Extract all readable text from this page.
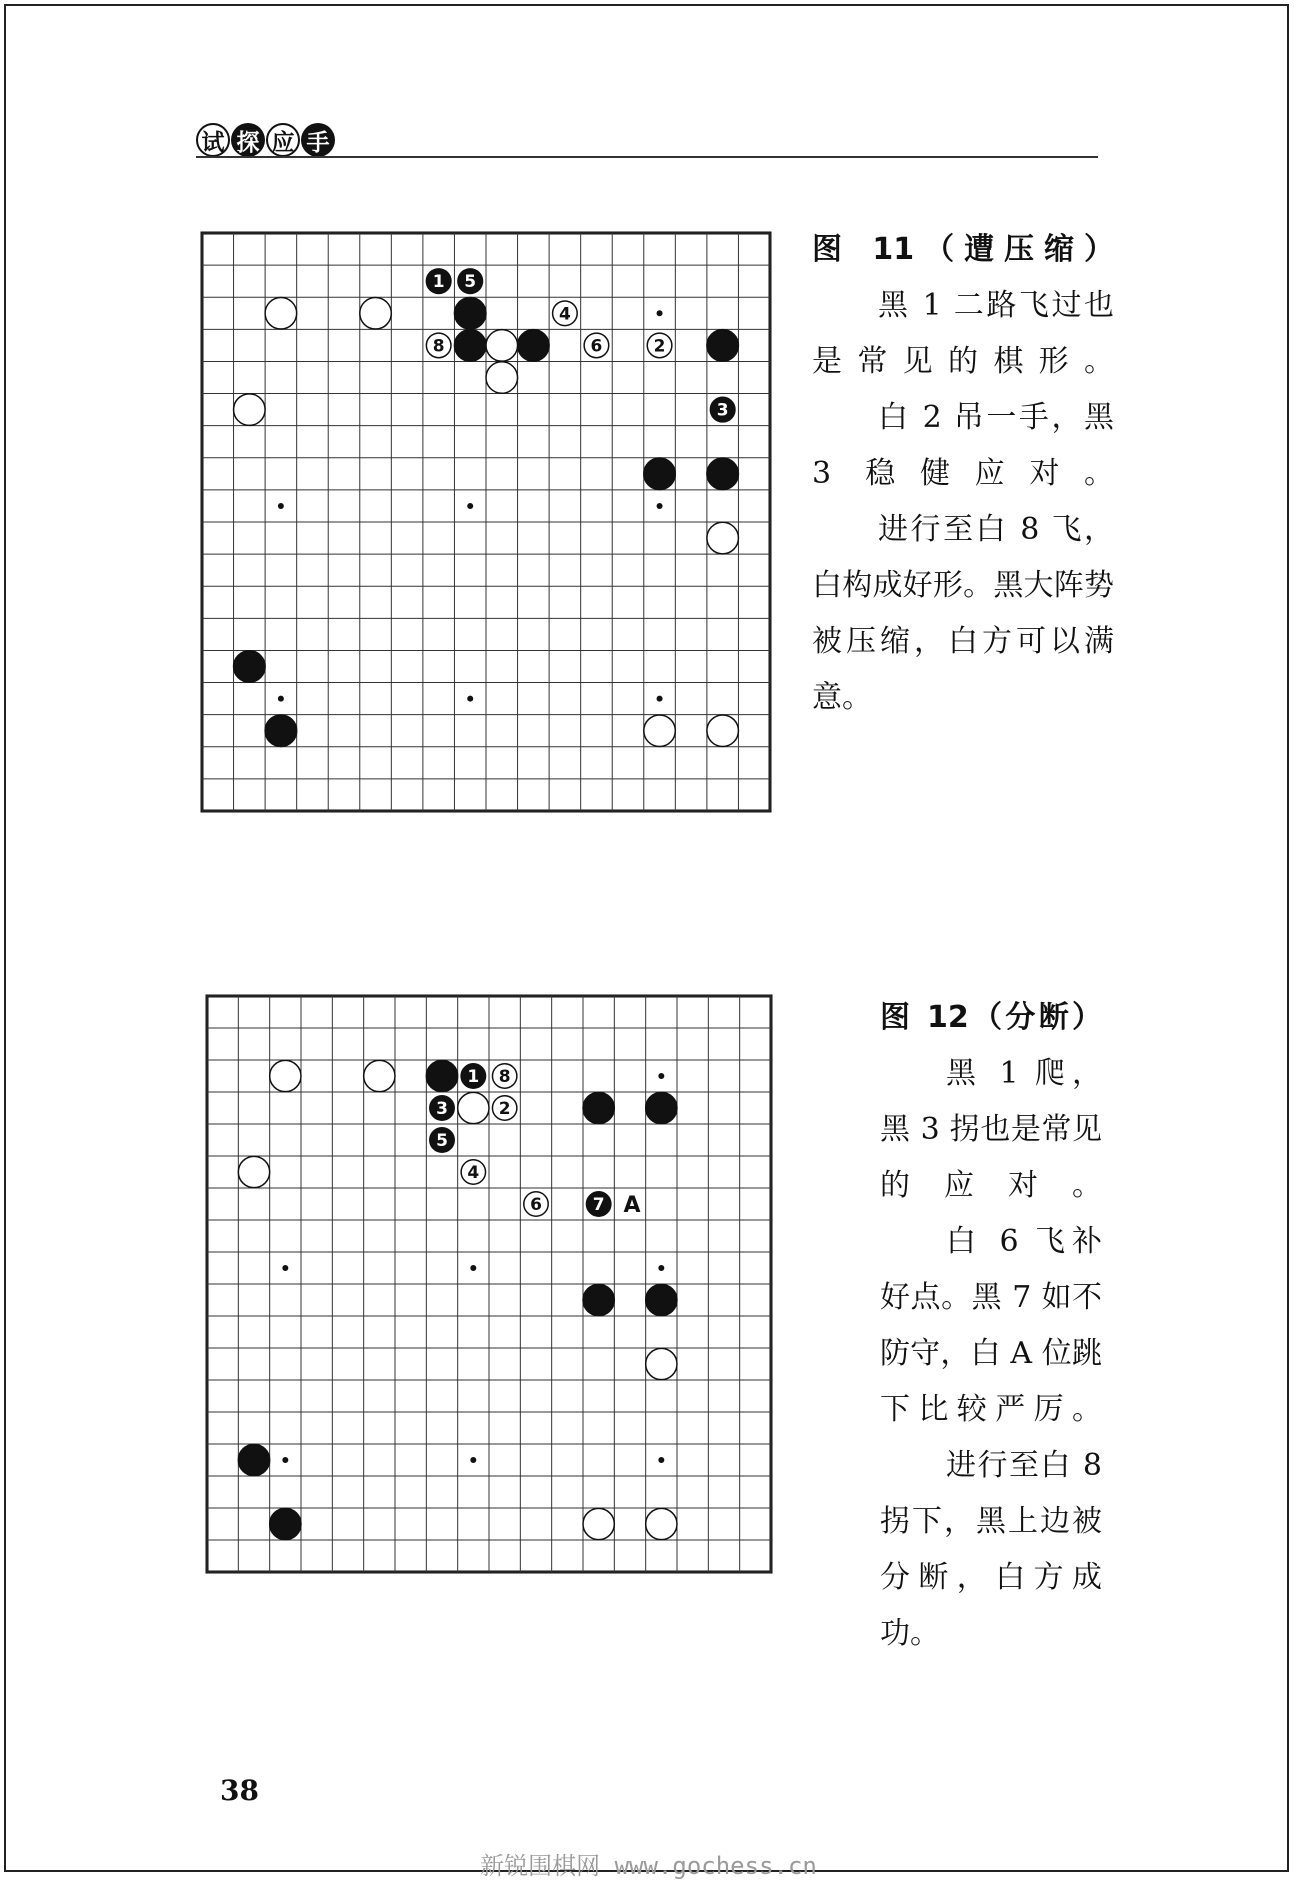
试 探 应 手
1 5
3
2
4
6
8
图 11（遭压缩）

黑 1 二路飞过也是常见的棋形。

白 2 吊一手，黑 3 稳健应对。

进行至白 8 飞，白构成好形。黑大阵势被压缩，白方可以满意。

1
2
3
4
5
6	7
8
A
图 12（分断）

黑 1 爬，黑 3 拐也是常见的应对。

白 6 飞补好点。黑 7 如不防守，白 A 位跳下比较严厉。

进行至白 8 拐下，黑上边被分断，白方成功。

38
新锐围棋网 www.gochess.cn
